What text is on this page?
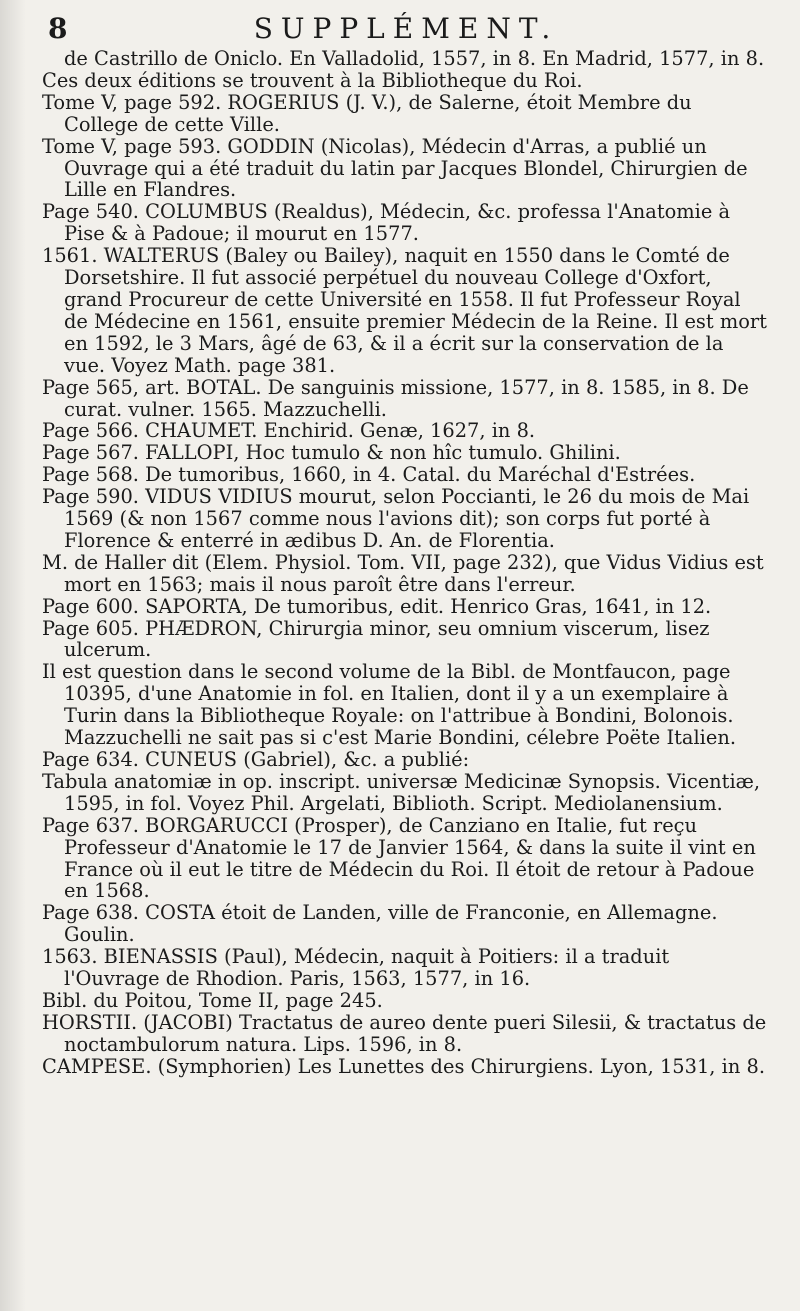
8	SUPPLÉMENT.

de Castrillo de Oniclo. En Valladolid, 1557, in 8. En Madrid, 1577, in 8.

Ces deux éditions se trouvent à la Bibliotheque du Roi.

Tome V, page 592. ROGERIUS (J. V.), de Salerne, étoit Membre du College de cette Ville.

Tome V, page 593. GODDIN (Nicolas), Médecin d'Arras, a publié un Ouvrage qui a été traduit du latin par Jacques Blondel, Chirurgien de Lille en Flandres.

Page 540. COLUMBUS (Realdus), Médecin, &c. professa l'Anatomie à Pise & à Padoue; il mourut en 1577.

1561. WALTERUS (Baley ou Bailey), naquit en 1550 dans le Comté de Dorsetshire. Il fut associé perpétuel du nouveau College d'Oxfort, grand Procureur de cette Université en 1558. Il fut Professeur Royal de Médecine en 1561, ensuite premier Médecin de la Reine. Il est mort en 1592, le 3 Mars, âgé de 63, & il a écrit sur la conservation de la vue. Voyez Math. page 381.

Page 565, art. BOTAL. De sanguinis missione, 1577, in 8. 1585, in 8. De curat. vulner. 1565. Mazzuchelli.

Page 566. CHAUMET. Enchirid. Genæ, 1627, in 8.

Page 567. FALLOPI, Hoc tumulo & non hîc tumulo. Ghilini.

Page 568. De tumoribus, 1660, in 4. Catal. du Maréchal d'Estrées.

Page 590. VIDUS VIDIUS mourut, selon Poccianti, le 26 du mois de Mai 1569 (& non 1567 comme nous l'avions dit); son corps fut porté à Florence & enterré in ædibus D. An. de Florentia.

M. de Haller dit (Elem. Physiol. Tom. VII, page 232), que Vidus Vidius est mort en 1563; mais il nous paroît être dans l'erreur.

Page 600. SAPORTA, De tumoribus, edit. Henrico Gras, 1641, in 12.

Page 605. PHÆDRON, Chirurgia minor, seu omnium viscerum, lisez ulcerum.

Il est question dans le second volume de la Bibl. de Montfaucon, page 10395, d'une Anatomie in fol. en Italien, dont il y a un exemplaire à Turin dans la Bibliotheque Royale: on l'attribue à Bondini, Bolonois. Mazzuchelli ne sait pas si c'est Marie Bondini, célebre Poëte Italien.

Page 634. CUNEUS (Gabriel), &c. a publié:

Tabula anatomiæ in op. inscript. universæ Medicinæ Synopsis. Vicentiæ, 1595, in fol. Voyez Phil. Argelati, Biblioth. Script. Mediolanensium.

Page 637. BORGARUCCI (Prosper), de Canziano en Italie, fut reçu Professeur d'Anatomie le 17 de Janvier 1564, & dans la suite il vint en France où il eut le titre de Médecin du Roi. Il étoit de retour à Padoue en 1568.

Page 638. COSTA étoit de Landen, ville de Franconie, en Allemagne. Goulin.

1563. BIENASSIS (Paul), Médecin, naquit à Poitiers: il a traduit l'Ouvrage de Rhodion. Paris, 1563, 1577, in 16.

Bibl. du Poitou, Tome II, page 245.

HORSTII. (JACOBI) Tractatus de aureo dente pueri Silesii, & tractatus de noctambulorum natura. Lips. 1596, in 8.

CAMPESE. (Symphorien) Les Lunettes des Chirurgiens. Lyon, 1531, in 8.
